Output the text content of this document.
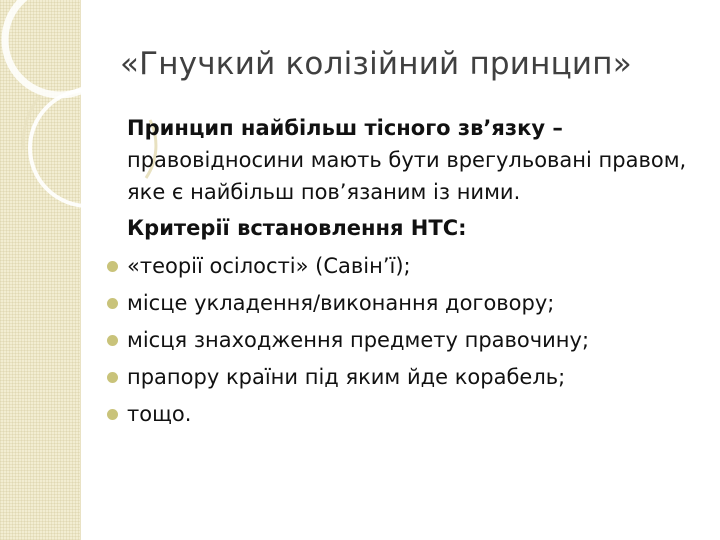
«Гнучкий колізійний принцип»

Принцип найбільш тісного зв’язку – правовідносини мають бути врегульовані правом, яке є найбільш пов’язаним із ними.

Критерії встановлення НТС:

«теорії осілості» (Савін’ї);
місце укладення/виконання договору;
місця знаходження предмету правочину;
прапору країни під яким йде корабель;
тощо.
